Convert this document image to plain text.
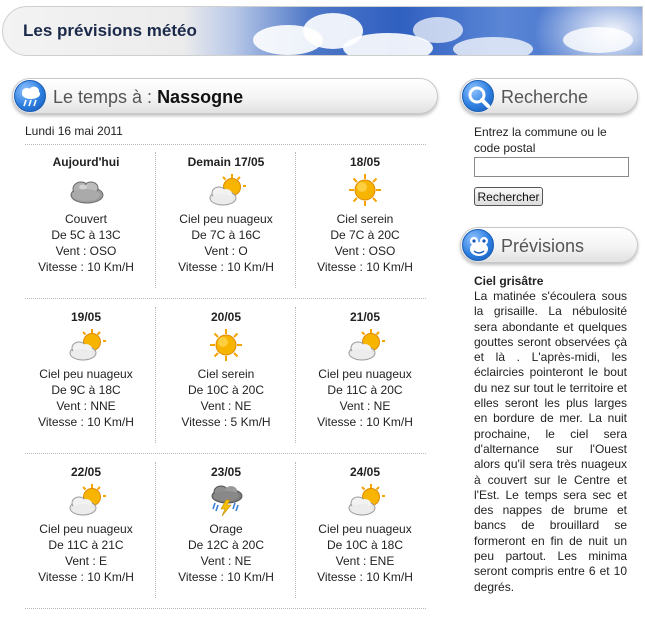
Les prévisions météo
Le temps à : Nassogne
Lundi 16 mai 2011
Aujourd'hui
Couvert
De 5C à 13C
Vent : OSO
Vitesse : 10 Km/H
Demain 17/05
Ciel peu nuageux
De 7C à 16C
Vent : O
Vitesse : 10 Km/H
18/05
Ciel serein
De 7C à 20C
Vent : OSO
Vitesse : 10 Km/H
19/05
Ciel peu nuageux
De 9C à 18C
Vent : NNE
Vitesse : 10 Km/H
20/05
Ciel serein
De 10C à 20C
Vent : NE
Vitesse : 5 Km/H
21/05
Ciel peu nuageux
De 11C à 20C
Vent : NE
Vitesse : 10 Km/H
22/05
Ciel peu nuageux
De 11C à 21C
Vent : E
Vitesse : 10 Km/H
23/05
Orage
De 12C à 20C
Vent : NE
Vitesse : 10 Km/H
24/05
Ciel peu nuageux
De 10C à 18C
Vent : ENE
Vitesse : 10 Km/H
Recherche
Entrez la commune ou le code postal
Rechercher
Prévisions
Ciel grisâtre
La matinée s'écoulera sous la grisaille. La nébulosité sera abondante et quelques gouttes seront observées çà et là . L'après-midi, les éclaircies pointeront le bout du nez sur tout le territoire et elles seront les plus larges en bordure de mer. La nuit prochaine, le ciel sera d'alternance sur l'Ouest alors qu'il sera très nuageux à couvert sur le Centre et l'Est. Le temps sera sec et des nappes de brume et bancs de brouillard se formeront en fin de nuit un peu partout. Les minima seront compris entre 6 et 10 degrés.
